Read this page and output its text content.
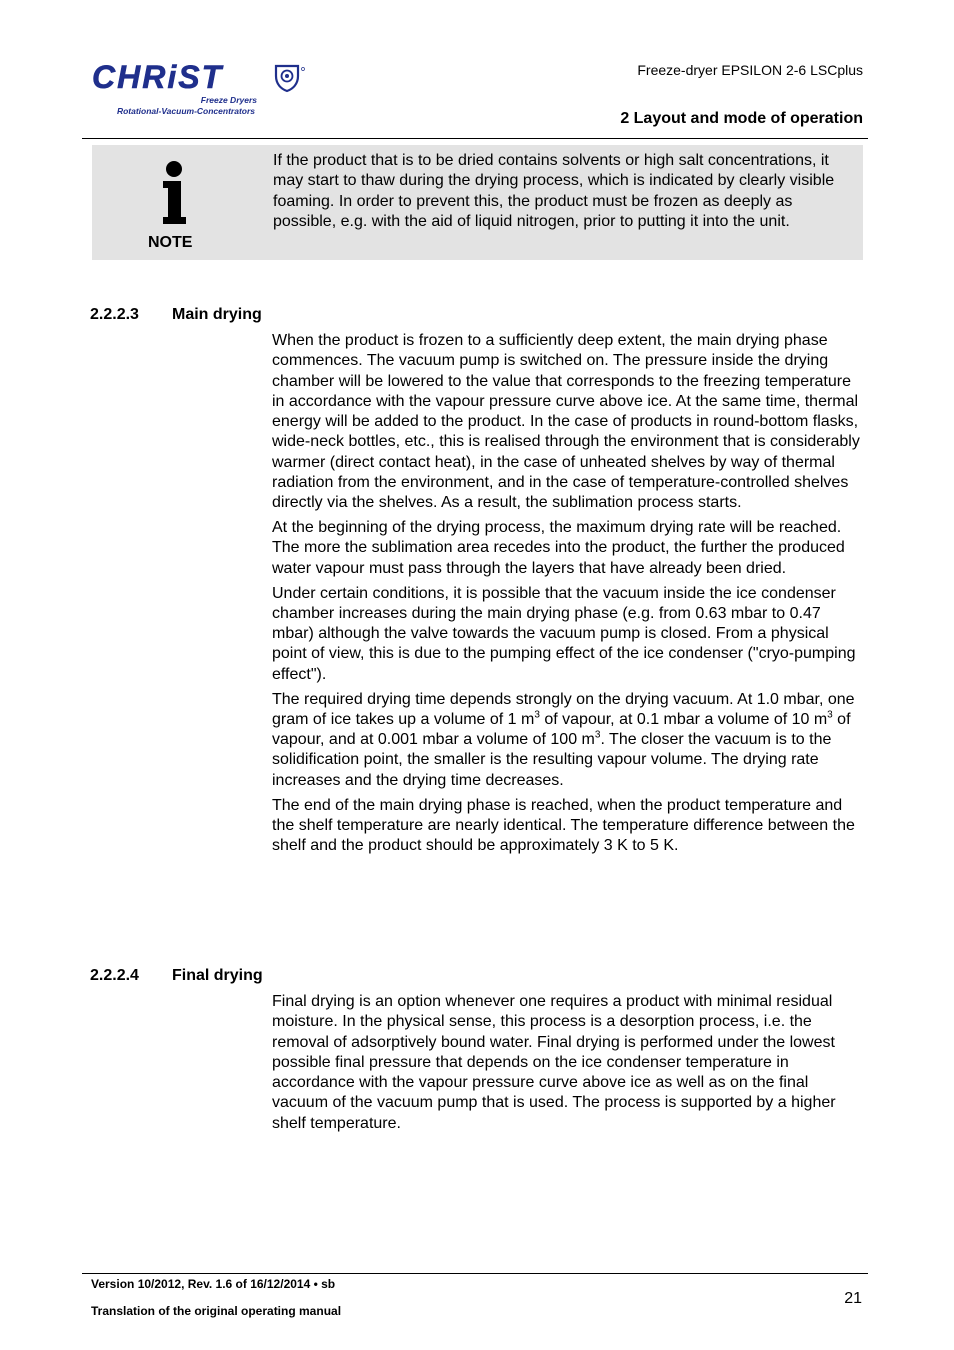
CHRiST
Freeze Dryers
Rotational-Vacuum-Concentrators
Freeze-dryer EPSILON 2-6 LSCplus
2 Layout and mode of operation
NOTE
If the product that is to be dried contains solvents or high salt concentrations, it may start to thaw during the drying process, which is indicated by clearly visible foaming. In order to prevent this, the product must be frozen as deeply as possible, e.g. with the aid of liquid nitrogen, prior to putting it into the unit.
2.2.2.3 Main drying

When the product is frozen to a sufficiently deep extent, the main drying phase commences. The vacuum pump is switched on. The pressure inside the drying chamber will be lowered to the value that corresponds to the freezing temperature in accordance with the vapour pressure curve above ice. At the same time, thermal energy will be added to the product. In the case of products in round-bottom flasks, wide-neck bottles, etc., this is realised through the environment that is considerably warmer (direct contact heat), in the case of unheated shelves by way of thermal radiation from the environment, and in the case of temperature-controlled shelves directly via the shelves. As a result, the sublimation process starts.

At the beginning of the drying process, the maximum drying rate will be reached. The more the sublimation area recedes into the product, the further the produced water vapour must pass through the layers that have already been dried.

Under certain conditions, it is possible that the vacuum inside the ice condenser chamber increases during the main drying phase (e.g. from 0.63 mbar to 0.47 mbar) although the valve towards the vacuum pump is closed. From a physical point of view, this is due to the pumping effect of the ice condenser ("cryo-pumping effect").

The required drying time depends strongly on the drying vacuum. At 1.0 mbar, one gram of ice takes up a volume of 1 $m^3$ of vapour, at 0.1 mbar a volume of 10 $m^3$ of vapour, and at 0.001 mbar a volume of 100 $m^3$. The closer the vacuum is to the solidification point, the smaller is the resulting vapour volume. The drying rate increases and the drying time decreases.

The end of the main drying phase is reached, when the product temperature and the shelf temperature are nearly identical. The temperature difference between the shelf and the product should be approximately 3 K to 5 K.

2.2.2.4 Final drying

Final drying is an option whenever one requires a product with minimal residual moisture. In the physical sense, this process is a desorption process, i.e. the removal of adsorptively bound water. Final drying is performed under the lowest possible final pressure that depends on the ice condenser temperature in accordance with the vapour pressure curve above ice as well as on the final vacuum of the vacuum pump that is used. The process is supported by a higher shelf temperature.

Version 10/2012, Rev. 1.6 of 16/12/2014 • sb
Translation of the original operating manual
21
